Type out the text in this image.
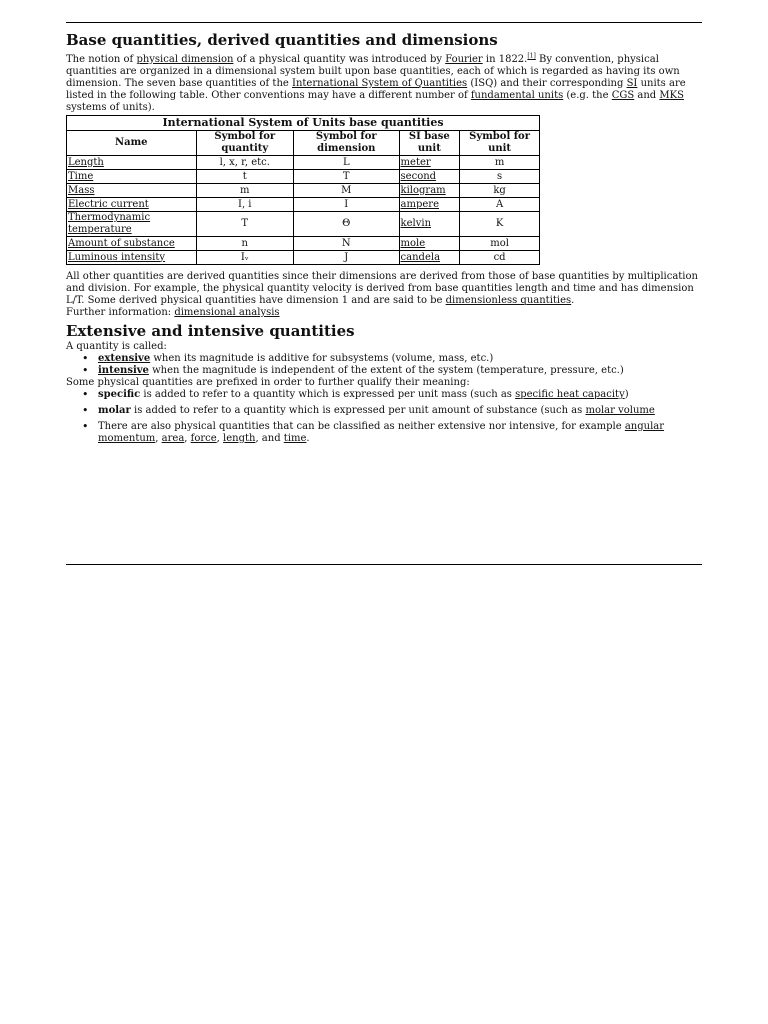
Base quantities, derived quantities and dimensions

The notion of physical dimension of a physical quantity was introduced by Fourier in 1822.[1] By convention, physical quantities are organized in a dimensional system built upon base quantities, each of which is regarded as having its own dimension. The seven base quantities of the International System of Quantities (ISQ) and their corresponding SI units are listed in the following table. Other conventions may have a different number of fundamental units (e.g. the CGS and MKS systems of units).

International System of Units base quantities
Name	Symbol for quantity	Symbol for dimension	SI base unit	Symbol for unit
Length	l, x, r, etc.	L	meter	m
Time	t	T	second	s
Mass	m	M	kilogram	kg
Electric current	I, i	I	ampere	A
Thermodynamic temperature	T	Θ	kelvin	K
Amount of substance	n	N	mole	mol
Luminous intensity	Iᵥ	J	candela	cd

All other quantities are derived quantities since their dimensions are derived from those of base quantities by multiplication and division. For example, the physical quantity velocity is derived from base quantities length and time and has dimension L/T. Some derived physical quantities have dimension 1 and are said to be dimensionless quantities.

Further information: dimensional analysis

Extensive and intensive quantities

A quantity is called:

• extensive when its magnitude is additive for subsystems (volume, mass, etc.)
• intensive when the magnitude is independent of the extent of the system (temperature, pressure, etc.)

Some physical quantities are prefixed in order to further qualify their meaning:

• specific is added to refer to a quantity which is expressed per unit mass (such as specific heat capacity)
• molar is added to refer to a quantity which is expressed per unit amount of substance (such as molar volume
• There are also physical quantities that can be classified as neither extensive nor intensive, for example angular momentum, area, force, length, and time.
